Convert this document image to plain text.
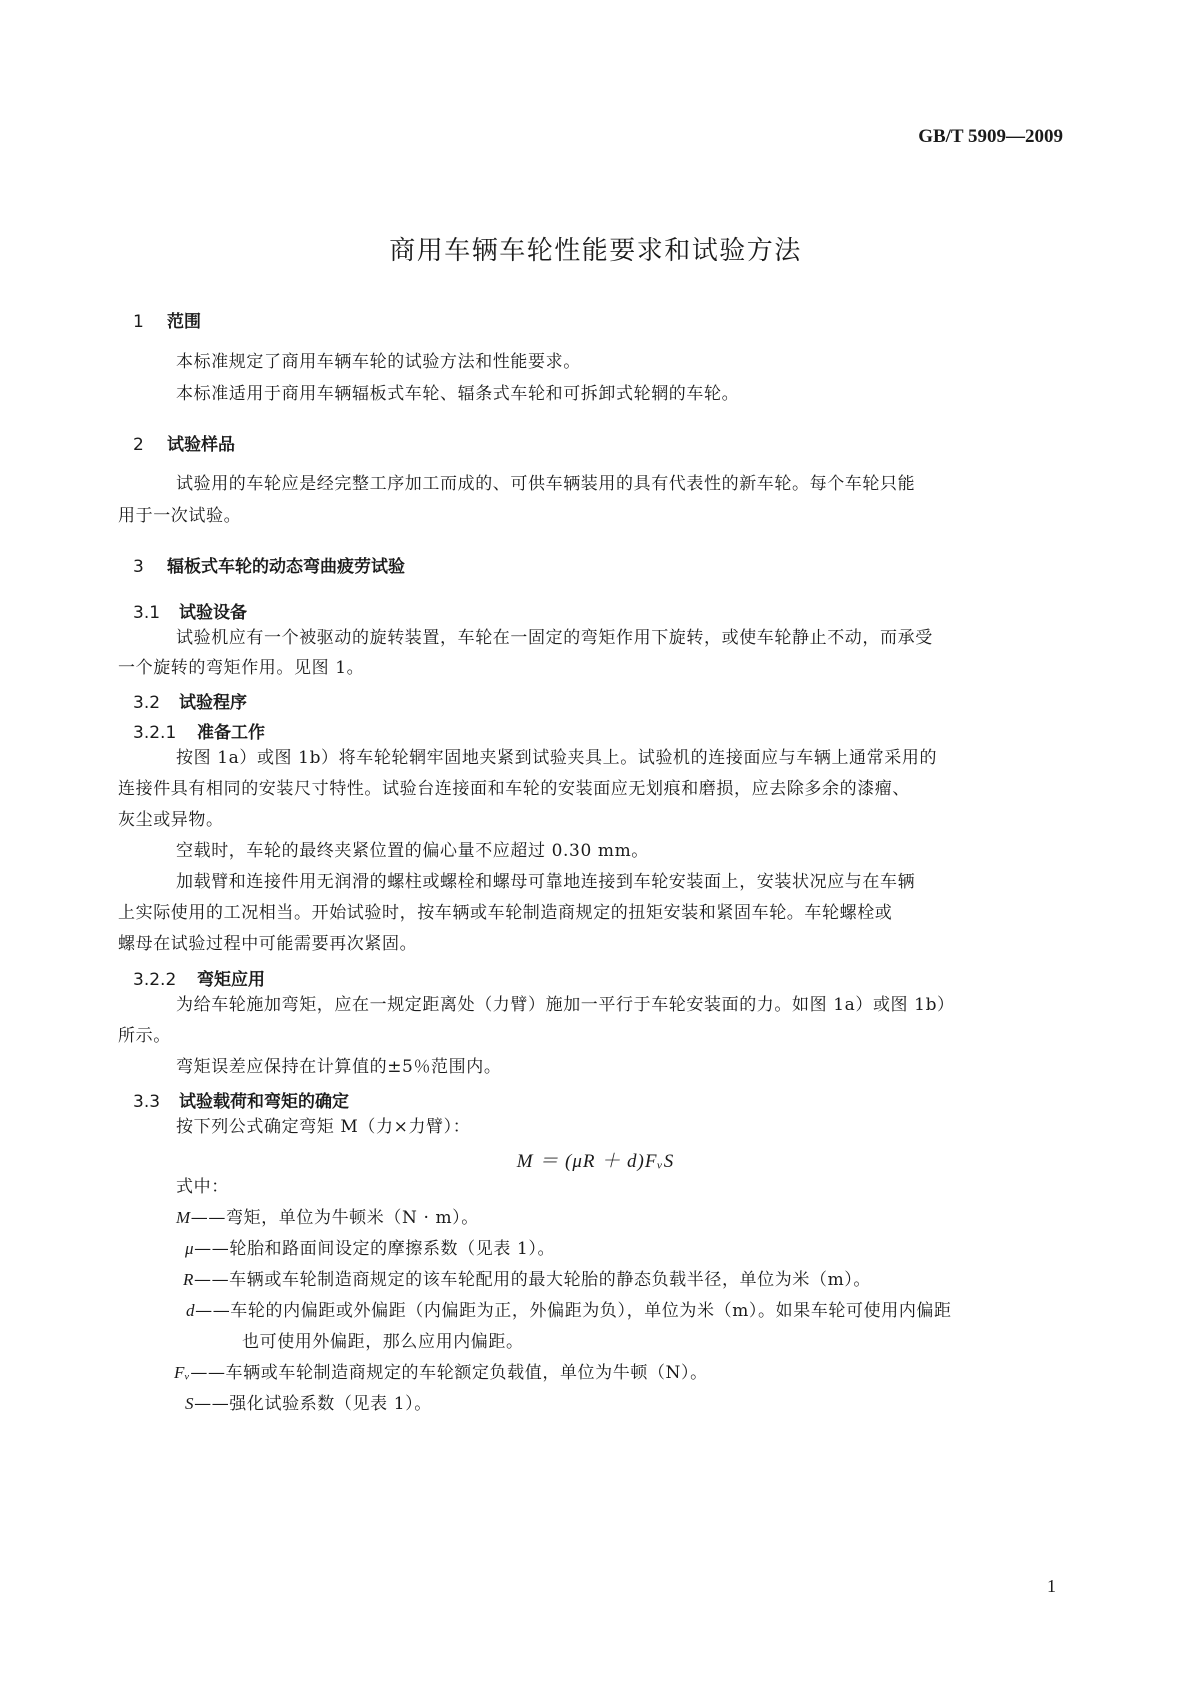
GB/T 5909—2009
商用车辆车轮性能要求和试验方法
1 范围
本标准规定了商用车辆车轮的试验方法和性能要求。
本标准适用于商用车辆辐板式车轮、辐条式车轮和可拆卸式轮辋的车轮。
2 试验样品
试验用的车轮应是经完整工序加工而成的、可供车辆装用的具有代表性的新车轮。每个车轮只能
用于一次试验。
3 辐板式车轮的动态弯曲疲劳试验
3.1 试验设备
试验机应有一个被驱动的旋转装置，车轮在一固定的弯矩作用下旋转，或使车轮静止不动，而承受
一个旋转的弯矩作用。见图 1。
3.2 试验程序
3.2.1 准备工作
按图 1a）或图 1b）将车轮轮辋牢固地夹紧到试验夹具上。试验机的连接面应与车辆上通常采用的
连接件具有相同的安装尺寸特性。试验台连接面和车轮的安装面应无划痕和磨损，应去除多余的漆瘤、
灰尘或异物。
空载时，车轮的最终夹紧位置的偏心量不应超过 0.30 mm。
加载臂和连接件用无润滑的螺柱或螺栓和螺母可靠地连接到车轮安装面上，安装状况应与在车辆
上实际使用的工况相当。开始试验时，按车辆或车轮制造商规定的扭矩安装和紧固车轮。车轮螺栓或
螺母在试验过程中可能需要再次紧固。
3.2.2 弯矩应用
为给车轮施加弯矩，应在一规定距离处（力臂）施加一平行于车轮安装面的力。如图 1a）或图 1b）
所示。
弯矩误差应保持在计算值的±5％范围内。
3.3 试验载荷和弯矩的确定
按下列公式确定弯矩 M（力×力臂）：
M ＝ (μR ＋ d)FᵥS
式中：
M——弯矩，单位为牛顿米（N · m）。
μ——轮胎和路面间设定的摩擦系数（见表 1）。
R——车辆或车轮制造商规定的该车轮配用的最大轮胎的静态负载半径，单位为米（m）。
d——车轮的内偏距或外偏距（内偏距为正，外偏距为负），单位为米（m）。如果车轮可使用内偏距
也可使用外偏距，那么应用内偏距。
Fᵥ——车辆或车轮制造商规定的车轮额定负载值，单位为牛顿（N）。
S——强化试验系数（见表 1）。
1
